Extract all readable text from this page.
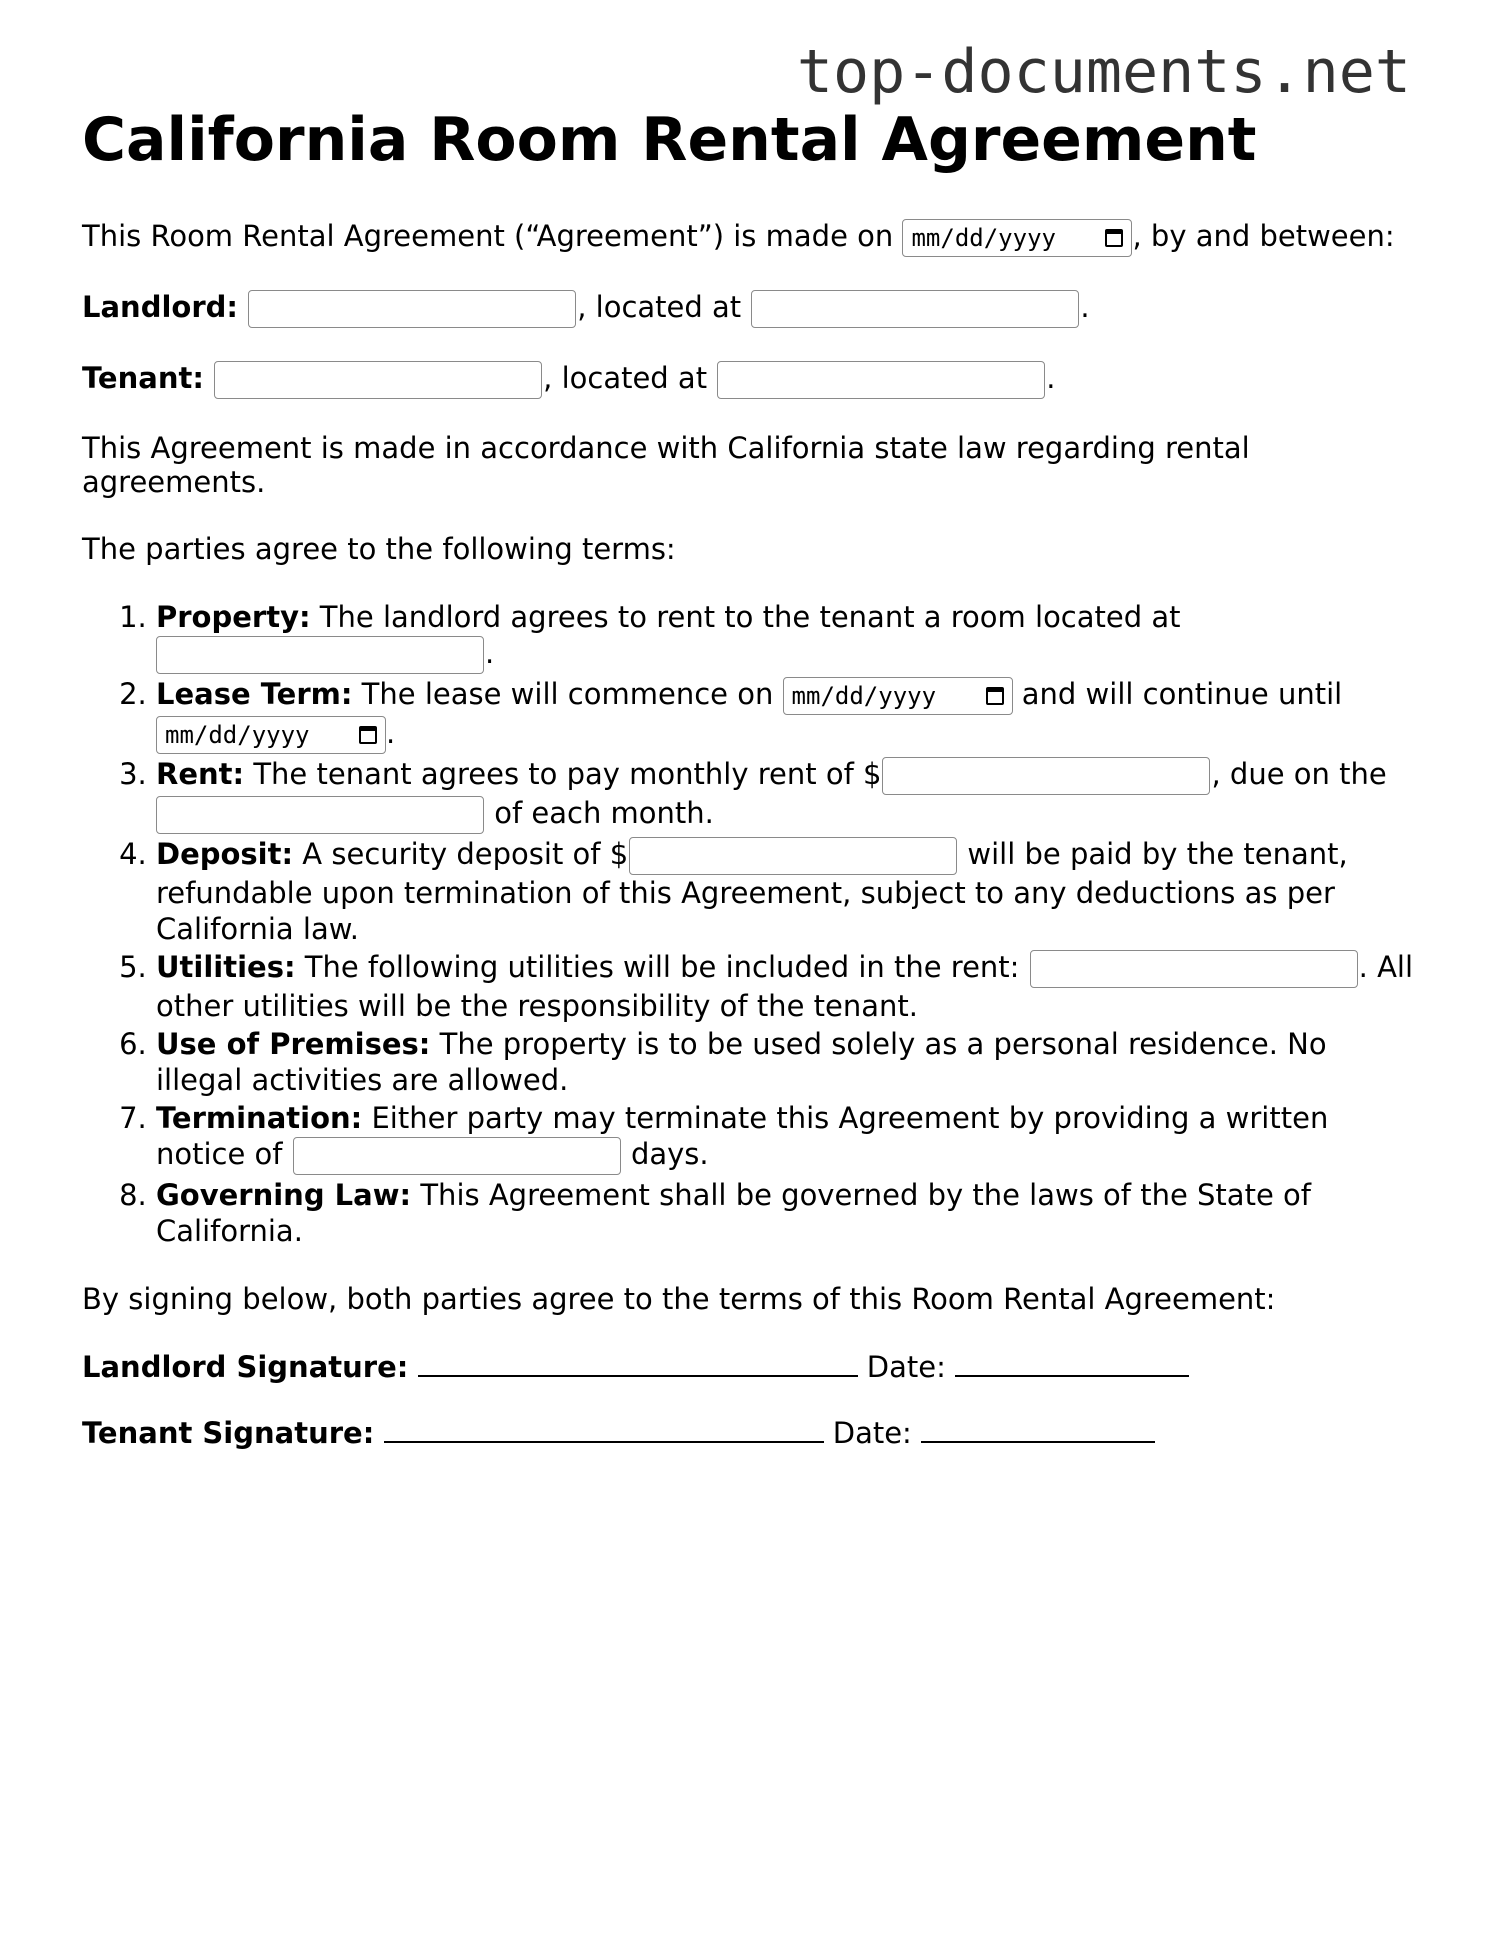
top-documents.net
California Room Rental Agreement

This Room Rental Agreement (“Agreement”) is made on mm/dd/yyyy	, by and between:

Landlord:	, located at	.

Tenant:	, located at	.

This Agreement is made in accordance with California state law regarding rental agreements.

The parties agree to the following terms:

1. Property: The landlord agrees to rent to the tenant a room located at
.
2. Lease Term: The lease will commence on mm/dd/yyyy	and will continue until

mm/dd/yyyy	.
3. Rent: The tenant agrees to pay monthly rent of $	, due on the
of each month.
4. Deposit: A security deposit of $	will be paid by the tenant, refundable upon termination of this Agreement, subject to any deductions as per California law.
5. Utilities: The following utilities will be included in the rent:	. All other utilities will be the responsibility of the tenant.
6. Use of Premises: The property is to be used solely as a personal residence. No illegal activities are allowed.
7. Termination: Either party may terminate this Agreement by providing a written notice of	days.
8. Governing Law: This Agreement shall be governed by the laws of the State of California.

By signing below, both parties agree to the terms of this Room Rental Agreement:

Landlord Signature:	Date:
Tenant Signature:	Date:
